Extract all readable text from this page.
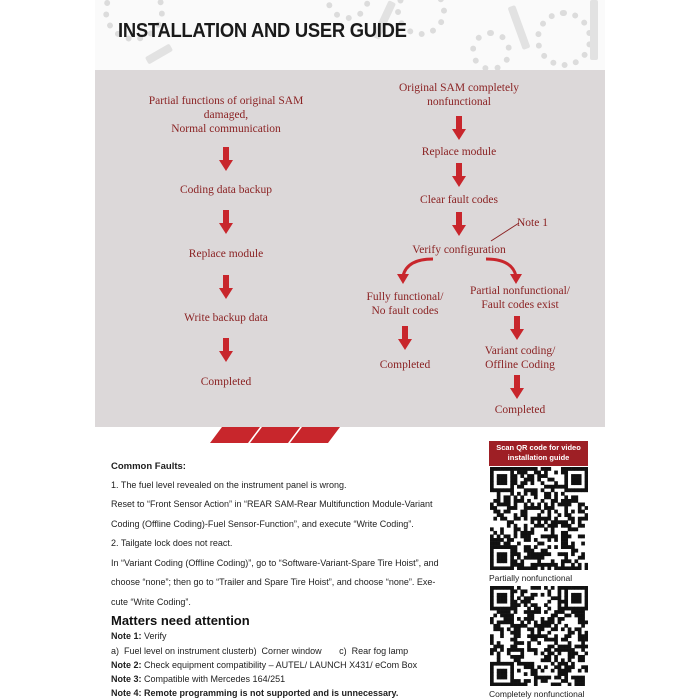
INSTALLATION AND USER GUIDE
Partial functions of original SAM damaged,
Normal communication
Coding data backup
Replace module
Write backup data
Completed
Original SAM completely
nonfunctional
Replace module
Clear fault codes
Note 1
Verify configuration
Fully functional/
No fault codes
Completed
Partial nonfunctional/
Fault codes exist
Variant coding/
Offline Coding
Completed
Common Faults:
1. The fuel level revealed on the instrument panel is wrong.
Reset to “Front Sensor Action” in “REAR SAM-Rear Multifunction Module-Variant
Coding (Offline Coding)-Fuel Sensor-Function”, and execute “Write Coding”.
2. Tailgate lock does not react.
In “Variant Coding (Offline Coding)”, go to “Software-Variant-Spare Tire Hoist”, and
choose “none”; then go to “Trailer and Spare Tire Hoist”, and choose “none”. Exe-
cute “Write Coding”.
Matters need attention
Note 1: Verify
a)  Fuel level on instrument clusterb)  Corner window       c)  Rear fog lamp
Note 2: Check equipment compatibility – AUTEL/ LAUNCH X431/ eCom Box
Note 3: Compatible with Mercedes 164/251
Note 4: Remote programming is not supported and is unnecessary.
Scan QR code for video
installation guide
Partially nonfunctional
Completely nonfunctional
